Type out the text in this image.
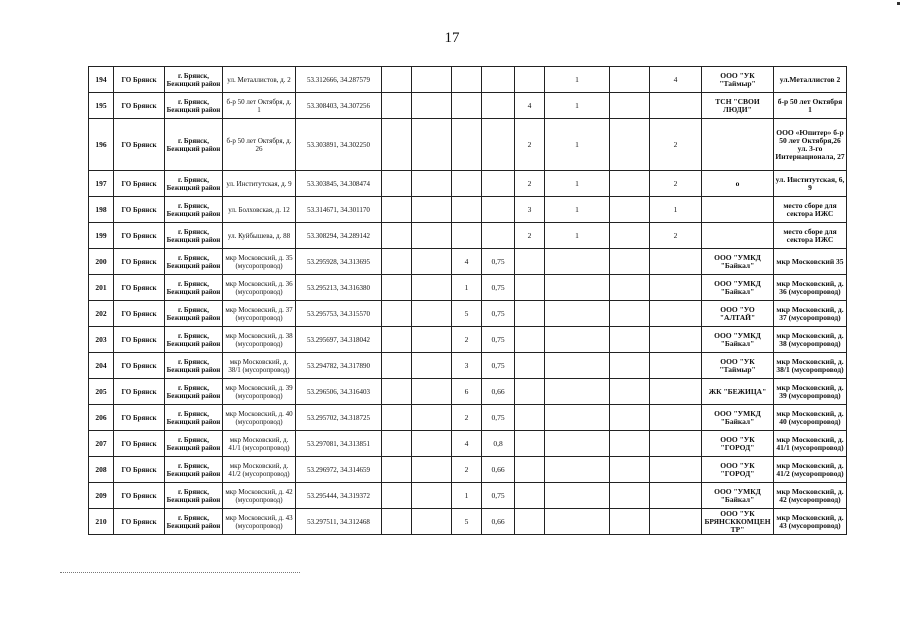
17
194	ГО Брянск	г. Брянск, Бежицкий район	ул. Металлистов, д. 2	53.312666, 34.287579						1		4	ООО "УК "Таймыр"	ул.Металлистов 2
195	ГО Брянск	г. Брянск, Бежицкий район	б-р 50 лет Октября, д. 1	53.308403, 34.307256					4	1			ТСН "СВОИ ЛЮДИ"	б-р 50 лет Октября 1
196	ГО Брянск	г. Брянск, Бежицкий район	б-р 50 лет Октября, д. 26	53.303891, 34.302250					2	1		2		ООО «Юпитер» б-р 50 лет Октября,26 ул. 3-го Интернационала, 27
197	ГО Брянск	г. Брянск, Бежицкий район	ул. Институтская, д. 9	53.303845, 34.308474					2	1		2	о	ул. Институтская, 6, 9
198	ГО Брянск	г. Брянск, Бежицкий район	ул. Болховская, д. 12	53.314671, 34.301170					3	1		1		место сборе для сектора ИЖС
199	ГО Брянск	г. Брянск, Бежицкий район	ул. Куйбышева, д. 88	53.308294, 34.289142					2	1		2		место сборе для сектора ИЖС
200	ГО Брянск	г. Брянск, Бежицкий район	мкр Московский, д. 35 (мусоропровод)	53.295928, 34.313695			4	0,75					ООО "УМКД "Байкал"	мкр Московский 35
201	ГО Брянск	г. Брянск, Бежицкий район	мкр Московский, д. 36 (мусоропровод)	53.295213, 34.316380			1	0,75					ООО "УМКД "Байкал"	мкр Московский, д. 36 (мусоропровод)
202	ГО Брянск	г. Брянск, Бежицкий район	мкр Московский, д. 37 (мусоропровод)	53.295753, 34.315570			5	0,75					ООО "УО "АЛТАЙ"	мкр Московский, д. 37 (мусоропровод)
203	ГО Брянск	г. Брянск, Бежицкий район	мкр Московский, д. 38 (мусоропровод)	53.295697, 34.318042			2	0,75					ООО "УМКД "Байкал"	мкр Московский, д. 38 (мусоропровод)
204	ГО Брянск	г. Брянск, Бежицкий район	мкр Московский, д. 38/1 (мусоропровод)	53.294782, 34.317890			3	0,75					ООО "УК "Таймыр"	мкр Московский, д. 38/1 (мусоропровод)
205	ГО Брянск	г. Брянск, Бежицкий район	мкр Московский, д. 39 (мусоропровод)	53.296506, 34.316403			6	0,66					ЖК "БЕЖИЦА"	мкр Московский, д. 39 (мусоропровод)
206	ГО Брянск	г. Брянск, Бежицкий район	мкр Московский, д. 40 (мусоропровод)	53.295702, 34.318725			2	0,75					ООО "УМКД "Байкал"	мкр Московский, д. 40 (мусоропровод)
207	ГО Брянск	г. Брянск, Бежицкий район	мкр Московский, д. 41/1 (мусоропровод)	53.297081, 34.313851			4	0,8					ООО "УК "ГОРОД"	мкр Московский, д. 41/1 (мусоропровод)
208	ГО Брянск	г. Брянск, Бежицкий район	мкр Московский, д. 41/2 (мусоропровод)	53.296972, 34.314659			2	0,66					ООО "УК "ГОРОД"	мкр Московский, д. 41/2 (мусоропровод)
209	ГО Брянск	г. Брянск, Бежицкий район	мкр Московский, д. 42 (мусоропровод)	53.295444, 34.319372			1	0,75					ООО "УМКД "Байкал"	мкр Московский, д. 42 (мусоропровод)
210	ГО Брянск	г. Брянск, Бежицкий район	мкр Московский, д. 43 (мусоропровод)	53.297511, 34.312468			5	0,66					ООО "УК БРЯНСККОМЦЕНТР"	мкр Московский, д. 43 (мусоропровод)
